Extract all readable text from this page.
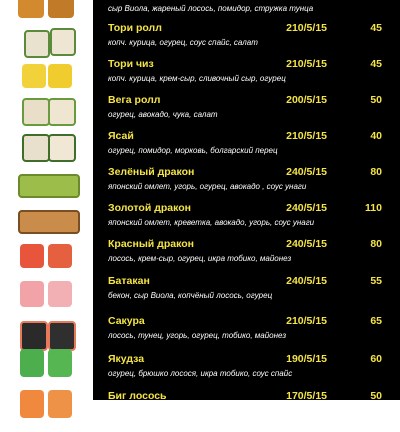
сыр Виола, жареный лосось, помидор, стружка тунца
Тори ролл	210/5/15	45
копч. курица, огурец, соус спайс, салат
Тори чиз	210/5/15	45
копч. курица, крем-сыр, сливочный сыр, огурец
Вега ролл	200/5/15	50
огурец, авокадо, чука, салат
Ясай	210/5/15	40
огурец, помидор, морковь, болгарский перец
Зелёный дракон	240/5/15	80
японский омлет, угорь, огурец, авокадо , соус унаги
Золотой дракон	240/5/15	110
японский омлет, креветка, авокадо, угорь, соус унаги
Красный дракон	240/5/15	80
лосось, крем-сыр, огурец, икра тобико, майонез
Батакан	240/5/15	55
бекон, сыр Виола, копчёный лосось, огурец
Сакура	210/5/15	65
лосось, тунец, угорь, огурец, тобико, майонез
Якудза	190/5/15	60
огурец, брюшко лосося, икра тобико, соус спайс
Биг лосось	170/5/15	50
